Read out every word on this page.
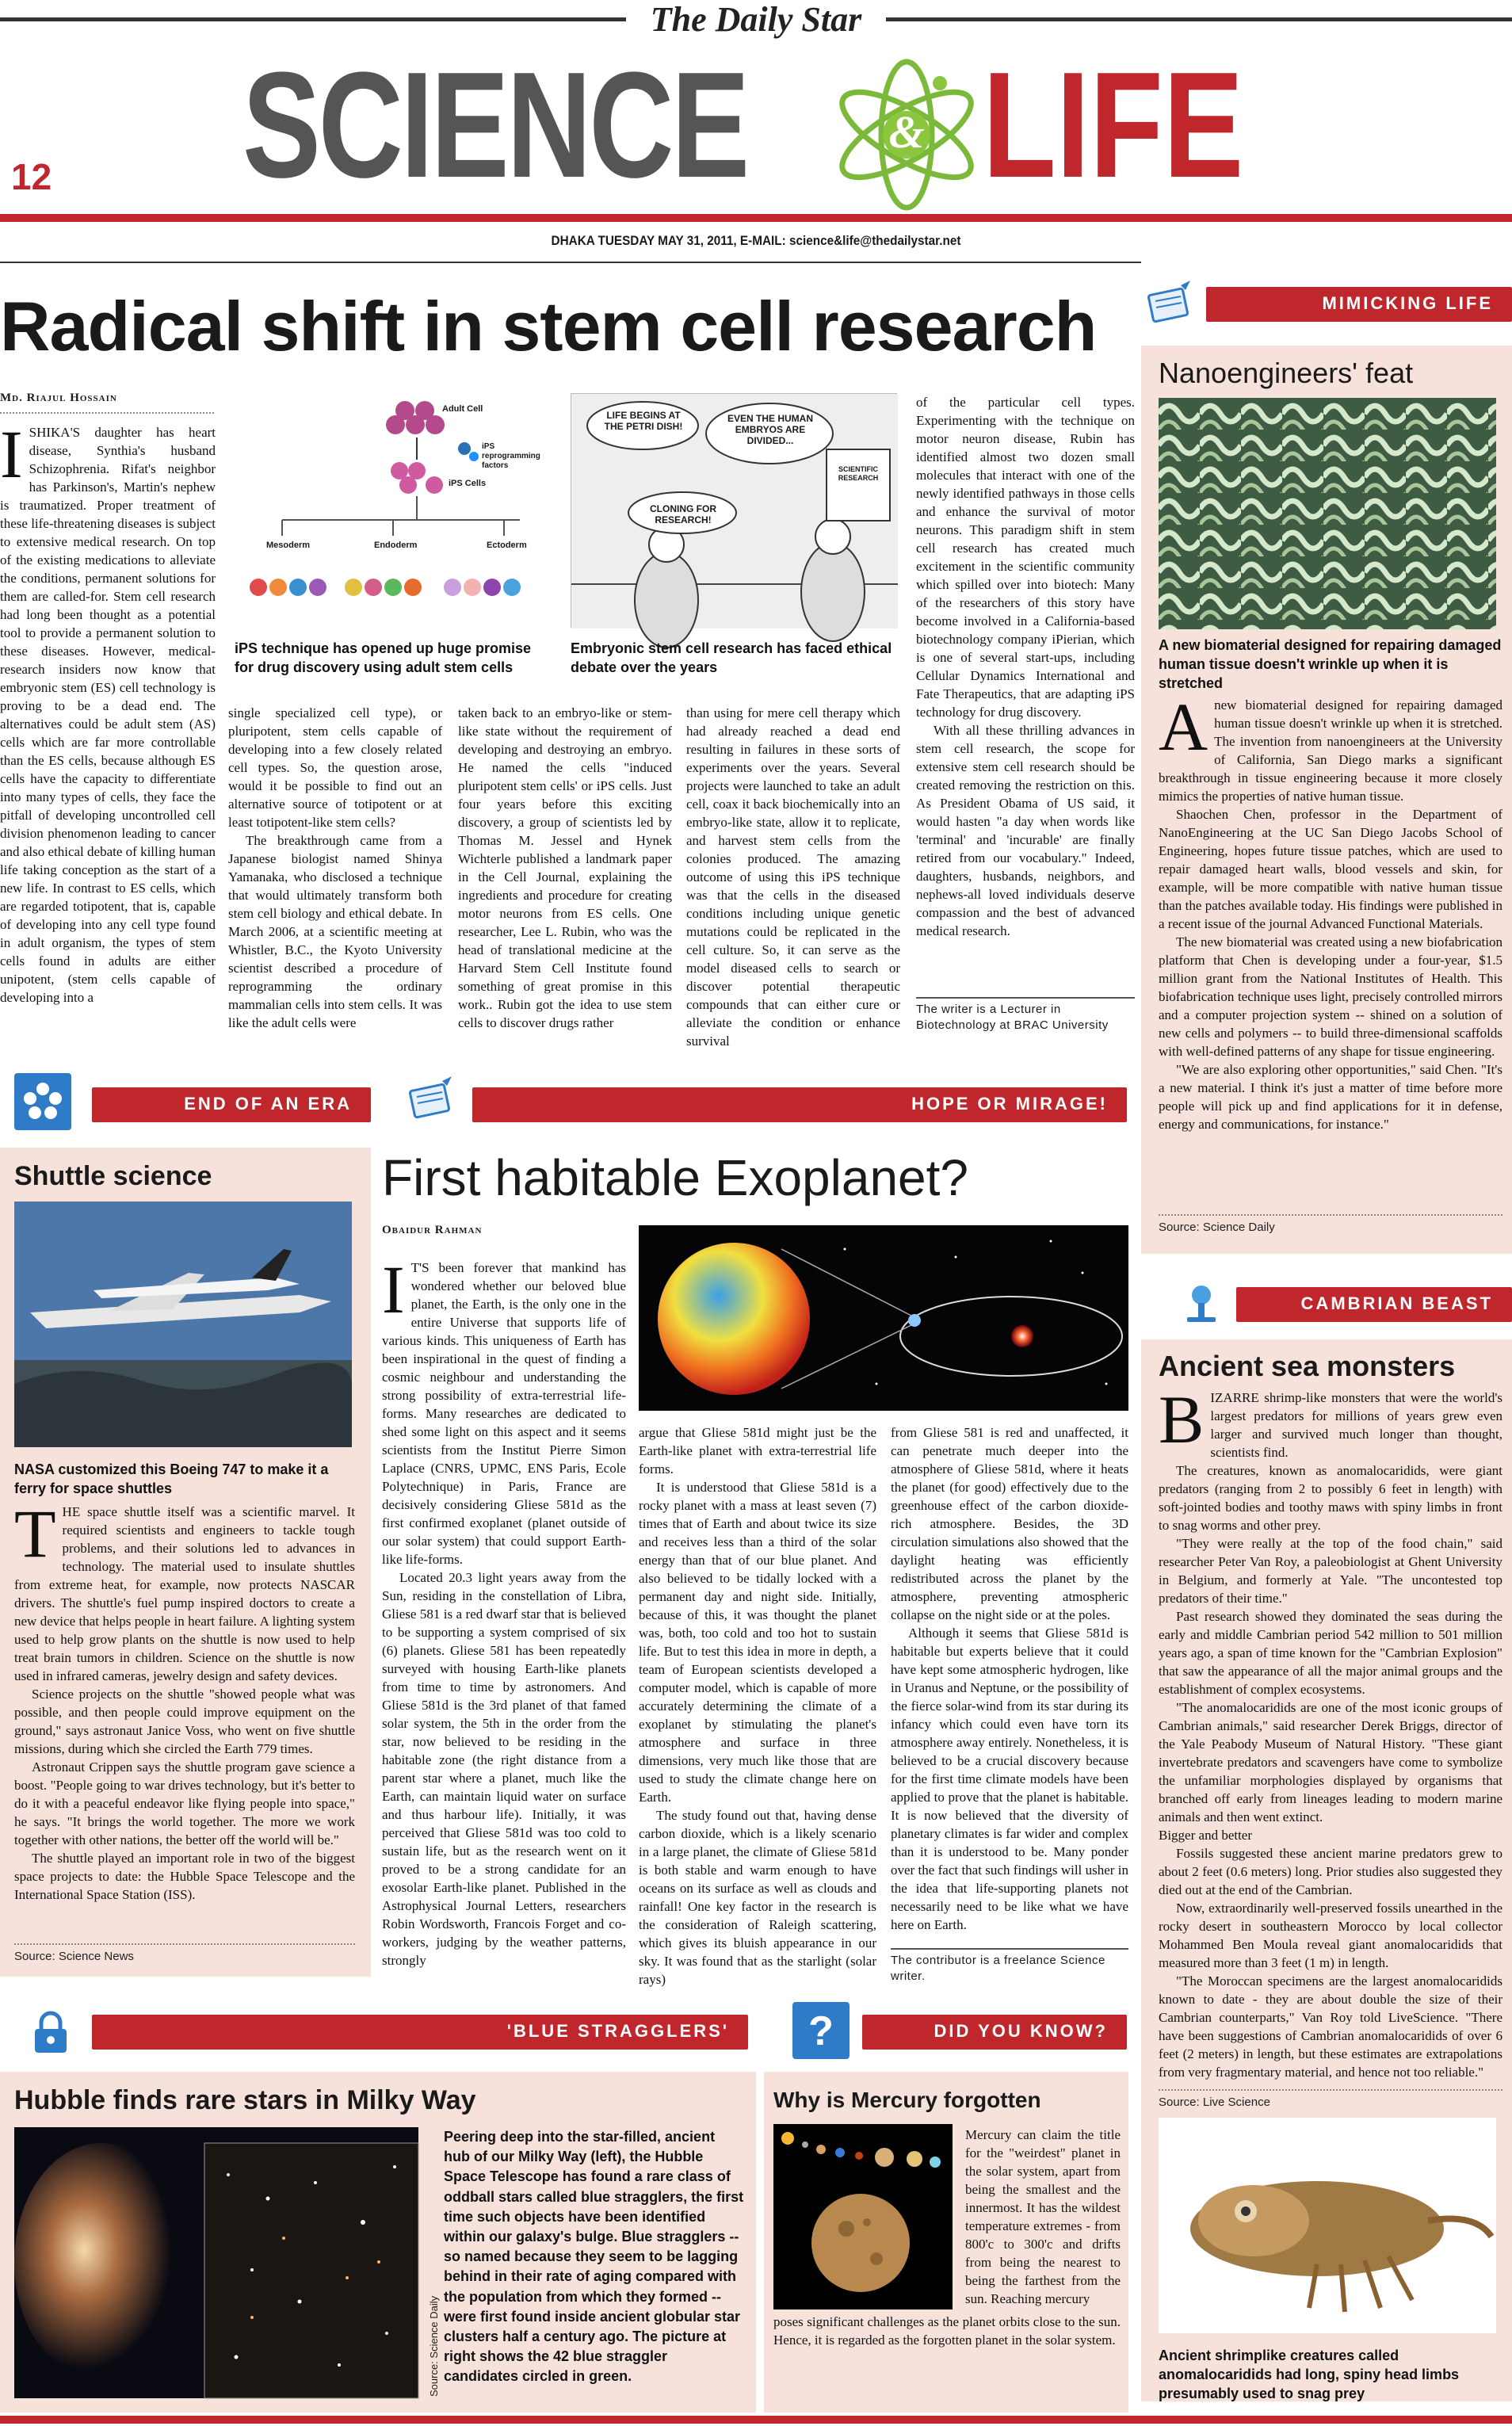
The Daily Star
SCIENCE	& LIFE
12
DHAKA TUESDAY MAY 31, 2011, E-MAIL: science&life@thedailystar.net
Radical shift in stem cell research
Md. Riajul Hossain
I SHIKA'S daughter has heart disease, Synthia's husband Schizophrenia. Rifat's neighbor has Parkinson's, Martin's nephew is traumatized. Proper treatment of these life-threatening diseases is subject to extensive medical research. On top of the existing medications to alleviate the conditions, permanent solutions for them are called-for. Stem cell research had long been thought as a potential tool to provide a permanent solution to these diseases. However, medical-research insiders now know that embryonic stem (ES) cell technology is proving to be a dead end. The alternatives could be adult stem (AS) cells which are far more controllable than the ES cells, because although ES cells have the capacity to differentiate into many types of cells, they face the pitfall of developing uncontrolled cell division phenomenon leading to cancer and also ethical debate of killing human life taking conception as the start of a new life. In contrast to ES cells, which are regarded totipotent, that is, capable of developing into any cell type found in adult organism, the types of stem cells found in adults are either unipotent, (stem cells capable of developing into a
Adult Cell
iPS reprogramming factors
iPS Cells
Mesoderm	Endoderm	Ectoderm
iPS technique has opened up huge promise for drug discovery using adult stem cells
LIFE BEGINS AT THE PETRI DISH!
EVEN THE HUMAN EMBRYOS ARE DIVIDED...
CLONING FOR RESEARCH!
SCIENTIFIC RESEARCH
Embryonic stem cell research has faced ethical debate over the years

single specialized cell type), or pluripotent, stem cells capable of developing into a few closely related cell types. So, the question arose, would it be possible to find out an alternative source of totipotent or at least totipotent-like stem cells?

The breakthrough came from a Japanese biologist named Shinya Yamanaka, who disclosed a technique that would ultimately transform both stem cell biology and ethical debate. In March 2006, at a scientific meeting at Whistler, B.C., the Kyoto University scientist described a procedure of reprogramming the ordinary mammalian cells into stem cells. It was like the adult cells were

taken back to an embryo-like or stem-like state without the requirement of developing and destroying an embryo. He named the cells "induced pluripotent stem cells' or iPS cells. Just four years before this exciting discovery, a group of scientists led by Thomas M. Jessel and Hynek Wichterle published a landmark paper in the Cell Journal, explaining the ingredients and procedure for creating motor neurons from ES cells. One researcher, Lee L. Rubin, who was the head of translational medicine at the Harvard Stem Cell Institute found something of great promise in this work.. Rubin got the idea to use stem cells to discover drugs rather

than using for mere cell therapy which had already reached a dead end resulting in failures in these sorts of experiments over the years. Several projects were launched to take an adult cell, coax it back biochemically into an embryo-like state, allow it to replicate, and harvest stem cells from the colonies produced. The amazing outcome of using this iPS technique was that the cells in the diseased conditions including unique genetic mutations could be replicated in the cell culture. So, it can serve as the model diseased cells to search or discover potential therapeutic compounds that can either cure or alleviate the condition or enhance survival

of the particular cell types. Experimenting with the technique on motor neuron disease, Rubin has identified almost two dozen small molecules that interact with one of the newly identified pathways in those cells and enhance the survival of motor neurons. This paradigm shift in stem cell research has created much excitement in the scientific community which spilled over into biotech: Many of the researchers of this story have become involved in a California-based biotechnology company iPierian, which is one of several start-ups, including Cellular Dynamics International and Fate Therapeutics, that are adapting iPS technology for drug discovery.

With all these thrilling advances in stem cell research, the scope for extensive stem cell research should be created removing the restriction on this. As President Obama of US said, it would hasten "a day when words like 'terminal' and 'incurable' are finally retired from our vocabulary." Indeed, daughters, husbands, neighbors, and nephews-all loved individuals deserve compassion and the best of advanced medical research.

The writer is a Lecturer in Biotechnology at BRAC University
MIMICKING LIFE
Nanoengineers' feat
A new biomaterial designed for repairing damaged human tissue doesn't wrinkle up when it is stretched
A new biomaterial designed for repairing damaged human tissue doesn't wrinkle up when it is stretched. The invention from nanoengineers at the University of California, San Diego marks a significant breakthrough in tissue engineering because it more closely mimics the properties of native human tissue.

Shaochen Chen, professor in the Department of NanoEngineering at the UC San Diego Jacobs School of Engineering, hopes future tissue patches, which are used to repair damaged heart walls, blood vessels and skin, for example, will be more compatible with native human tissue than the patches available today. His findings were published in a recent issue of the journal Advanced Functional Materials.

The new biomaterial was created using a new biofabrication platform that Chen is developing under a four-year, $1.5 million grant from the National Institutes of Health. This biofabrication technique uses light, precisely controlled mirrors and a computer projection system -- shined on a solution of new cells and polymers -- to build three-dimensional scaffolds with well-defined patterns of any shape for tissue engineering.

"We are also exploring other opportunities," said Chen. "It's a new material. I think it's just a matter of time before more people will pick up and find applications for it in defense, energy and communications, for instance."

Source: Science Daily
CAMBRIAN BEAST
Ancient sea monsters
B IZARRE shrimp-like monsters that were the world's largest predators for millions of years grew even larger and survived much longer than thought, scientists find.

The creatures, known as anomalocaridids, were giant predators (ranging from 2 to possibly 6 feet in length) with soft-jointed bodies and toothy maws with spiny limbs in front to snag worms and other prey.

"They were really at the top of the food chain," said researcher Peter Van Roy, a paleobiologist at Ghent University in Belgium, and formerly at Yale. "The uncontested top predators of their time."

Past research showed they dominated the seas during the early and middle Cambrian period 542 million to 501 million years ago, a span of time known for the "Cambrian Explosion" that saw the appearance of all the major animal groups and the establishment of complex ecosystems.

"The anomalocaridids are one of the most iconic groups of Cambrian animals," said researcher Derek Briggs, director of the Yale Peabody Museum of Natural History. "These giant invertebrate predators and scavengers have come to symbolize the unfamiliar morphologies displayed by organisms that branched off early from lineages leading to modern marine animals and then went extinct.

Bigger and better

Fossils suggested these ancient marine predators grew to about 2 feet (0.6 meters) long. Prior studies also suggested they died out at the end of the Cambrian.

Now, extraordinarily well-preserved fossils unearthed in the rocky desert in southeastern Morocco by local collector Mohammed Ben Moula reveal giant anomalocaridids that measured more than 3 feet (1 m) in length.

"The Moroccan specimens are the largest anomalocaridids known to date - they are about double the size of their Cambrian counterparts," Van Roy told LiveScience. "There have been suggestions of Cambrian anomalocaridids of over 6 feet (2 meters) in length, but these estimates are extrapolations from very fragmentary material, and hence not too reliable."

Source: Live Science
Ancient shrimplike creatures called anomalocaridids had long, spiny head limbs presumably used to snag prey
END OF AN ERA
Shuttle science
NASA customized this Boeing 747 to make it a ferry for space shuttles
T HE space shuttle itself was a scientific marvel. It required scientists and engineers to tackle tough problems, and their solutions led to advances in technology. The material used to insulate shuttles from extreme heat, for example, now protects NASCAR drivers. The shuttle's fuel pump inspired doctors to create a new device that helps people in heart failure. A lighting system used to help grow plants on the shuttle is now used to help treat brain tumors in children. Science on the shuttle is now used in infrared cameras, jewelry design and safety devices.

Science projects on the shuttle "showed people what was possible, and then people could improve equipment on the ground," says astronaut Janice Voss, who went on five shuttle missions, during which she circled the Earth 779 times.

Astronaut Crippen says the shuttle program gave science a boost. "People going to war drives technology, but it's better to do it with a peaceful endeavor like flying people into space," he says. "It brings the world together. The more we work together with other nations, the better off the world will be."

The shuttle played an important role in two of the biggest space projects to date: the Hubble Space Telescope and the International Space Station (ISS).

Source: Science News
HOPE OR MIRAGE!
First habitable Exoplanet?
Obaidur Rahman
I T'S been forever that mankind has wondered whether our beloved blue planet, the Earth, is the only one in the entire Universe that supports life of various kinds. This uniqueness of Earth has been inspirational in the quest of finding a cosmic neighbour and understanding the strong possibility of extra-terrestrial life-forms. Many researches are dedicated to shed some light on this aspect and it seems scientists from the Institut Pierre Simon Laplace (CNRS, UPMC, ENS Paris, Ecole Polytechnique) in Paris, France are decisively considering Gliese 581d as the first confirmed exoplanet (planet outside of our solar system) that could support Earth-like life-forms.

Located 20.3 light years away from the Sun, residing in the constellation of Libra, Gliese 581 is a red dwarf star that is believed to be supporting a system comprised of six (6) planets. Gliese 581 has been repeatedly surveyed with housing Earth-like planets from time to time by astronomers. And Gliese 581d is the 3rd planet of that famed solar system, the 5th in the order from the star, now believed to be residing in the habitable zone (the right distance from a parent star where a planet, much like the Earth, can maintain liquid water on surface and thus harbour life). Initially, it was perceived that Gliese 581d was too cold to sustain life, but as the research went on it proved to be a strong candidate for an exosolar Earth-like planet. Published in the Astrophysical Journal Letters, researchers Robin Wordsworth, Francois Forget and co-workers, judging by the weather patterns, strongly

argue that Gliese 581d might just be the Earth-like planet with extra-terrestrial life forms.

It is understood that Gliese 581d is a rocky planet with a mass at least seven (7) times that of Earth and about twice its size and receives less than a third of the solar energy than that of our blue planet. And also believed to be tidally locked with a permanent day and night side. Initially, because of this, it was thought the planet was, both, too cold and too hot to sustain life. But to test this idea in more in depth, a team of European scientists developed a computer model, which is capable of more accurately determining the climate of a exoplanet by stimulating the planet's atmosphere and surface in three dimensions, very much like those that are used to study the climate change here on Earth.

The study found out that, having dense carbon dioxide, which is a likely scenario in a large planet, the climate of Gliese 581d is both stable and warm enough to have oceans on its surface as well as clouds and rainfall! One key factor in the research is the consideration of Raleigh scattering, which gives its bluish appearance in our sky. It was found that as the starlight (solar rays)

from Gliese 581 is red and unaffected, it can penetrate much deeper into the atmosphere of Gliese 581d, where it heats the planet (for good) effectively due to the greenhouse effect of the carbon dioxide-rich atmosphere. Besides, the 3D circulation simulations also showed that the daylight heating was efficiently redistributed across the planet by the atmosphere, preventing atmospheric collapse on the night side or at the poles.

Although it seems that Gliese 581d is habitable but experts believe that it could have kept some atmospheric hydrogen, like in Uranus and Neptune, or the possibility of the fierce solar-wind from its star during its infancy which could even have torn its atmosphere away entirely. Nonetheless, it is believed to be a crucial discovery because for the first time climate models have been applied to prove that the planet is habitable. It is now believed that the diversity of planetary climates is far wider and complex than it is understood to be. Many ponder over the fact that such findings will usher in the idea that life-supporting planets not necessarily need to be like what we have here on Earth.

The contributor is a freelance Science writer.
'BLUE STRAGGLERS'
Hubble finds rare stars in Milky Way
Source: Science Daily
Peering deep into the star-filled, ancient hub of our Milky Way (left), the Hubble Space Telescope has found a rare class of oddball stars called blue stragglers, the first time such objects have been identified within our galaxy's bulge. Blue stragglers -- so named because they seem to be lagging behind in their rate of aging compared with the population from which they formed -- were first found inside ancient globular star clusters half a century ago. The picture at right shows the 42 blue straggler candidates circled in green.
?	DID YOU KNOW?
Why is Mercury forgotten
Mercury can claim the title for the "weirdest" planet in the solar system, apart from being the smallest and the innermost. It has the wildest temperature extremes - from 800'c to 300'c and drifts from being the nearest to being the farthest from the sun. Reaching mercury
poses significant challenges as the planet orbits close to the sun. Hence, it is regarded as the forgotten planet in the solar system.
